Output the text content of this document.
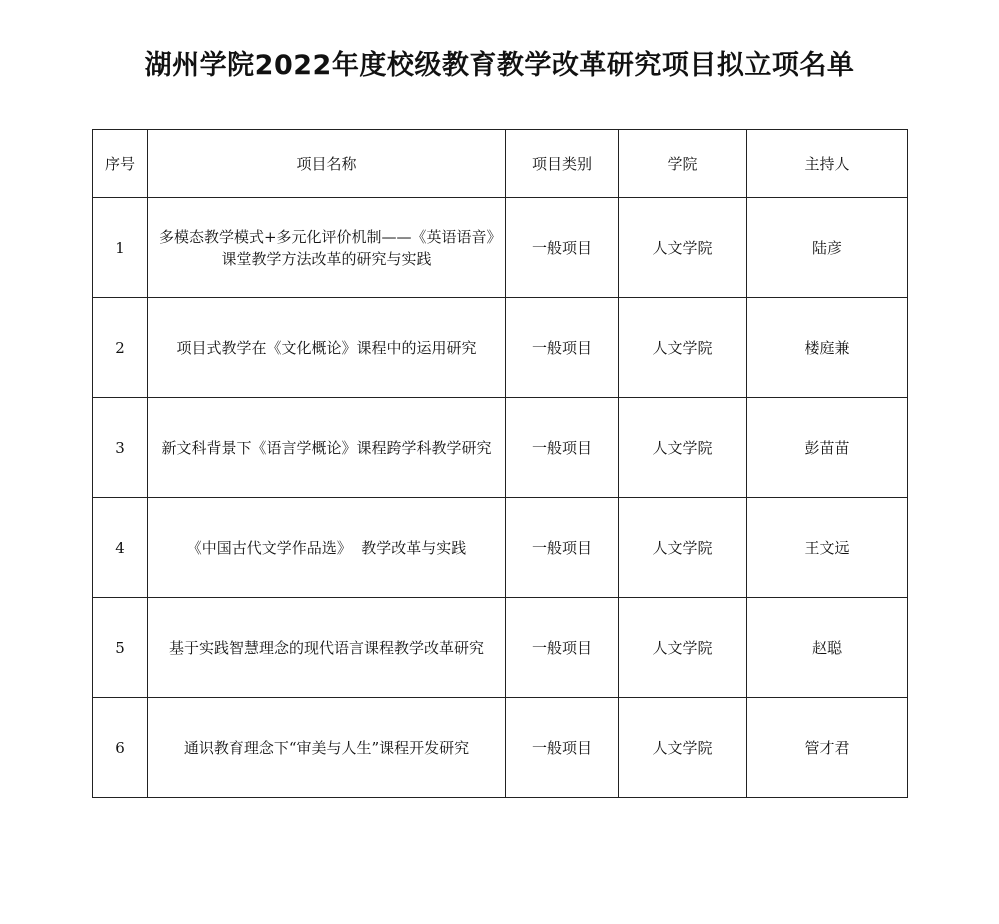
湖州学院2022年度校级教育教学改革研究项目拟立项名单
序号	项目名称	项目类别	学院	主持人
1	多模态教学模式+多元化评价机制——《英语语音》课堂教学方法改革的研究与实践	一般项目	人文学院	陆彦
2	项目式教学在《文化概论》课程中的运用研究	一般项目	人文学院	楼庭兼
3	新文科背景下《语言学概论》课程跨学科教学研究	一般项目	人文学院	彭苗苗
4	《中国古代文学作品选》  教学改革与实践	一般项目	人文学院	王文远
5	基于实践智慧理念的现代语言课程教学改革研究	一般项目	人文学院	赵聪
6	通识教育理念下“审美与人生”课程开发研究	一般项目	人文学院	管才君
